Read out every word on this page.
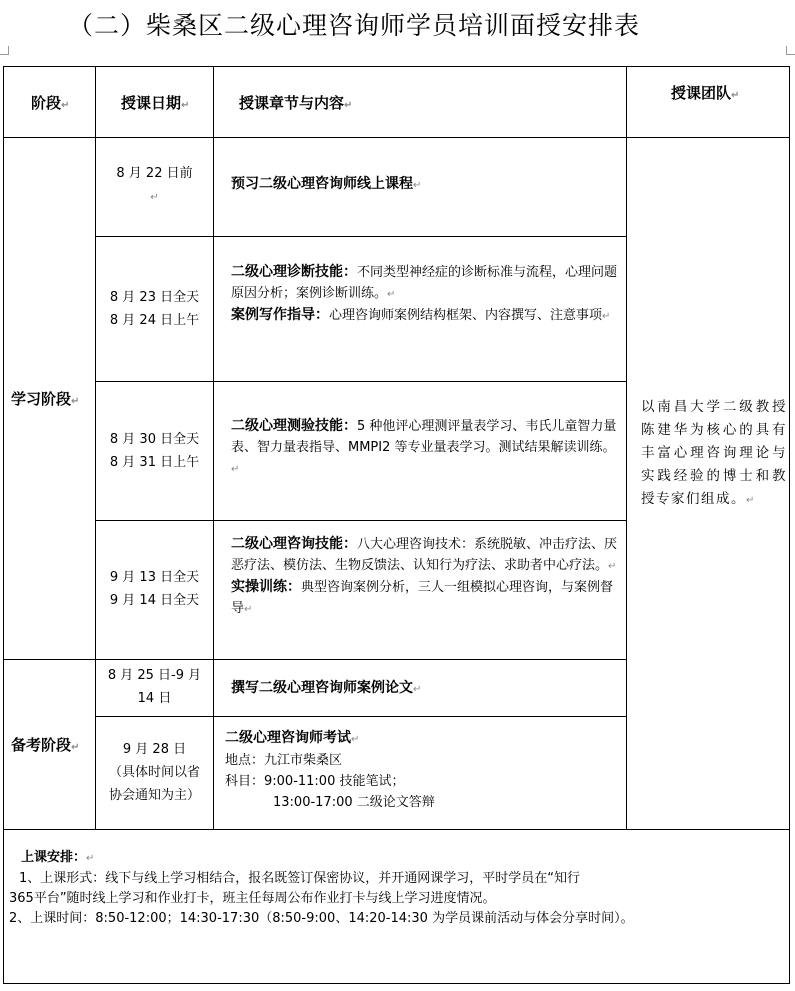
（二）柴桑区二级心理咨询师学员培训面授安排表
阶段↵	授课日期↵	授课章节与内容↵
授课团队↵
学习阶段↵
备考阶段↵
8 月 22 日前
↵
预习二级心理咨询师线上课程↵
8 月 23 日全天
8 月 24 日上午
二级心理诊断技能：不同类型神经症的诊断标准与流程，心理问题原因分析；案例诊断训练。↵
案例写作指导：心理咨询师案例结构框架、内容撰写、注意事项↵
8 月 30 日全天
8 月 31 日上午
二级心理测验技能：5 种他评心理测评量表学习、韦氏儿童智力量表、智力量表指导、MMPI2 等专业量表学习。测试结果解读训练。↵
9 月 13 日全天
9 月 14 日全天
二级心理咨询技能：八大心理咨询技术：系统脱敏、冲击疗法、厌恶疗法、模仿法、生物反馈法、认知行为疗法、求助者中心疗法。↵
实操训练：典型咨询案例分析，三人一组模拟心理咨询，与案例督导↵
8 月 25 日-9 月
14 日
撰写二级心理咨询师案例论文↵
9 月 28 日
（具体时间以省
协会通知为主）
二级心理咨询师考试↵
地点：九江市柴桑区
科目：9:00-11:00 技能笔试；
13:00-17:00 二级论文答辩
以南昌大学二级教授陈建华为核心的具有丰富心理咨询理论与实践经验的博士和教授专家们组成。↵
上课安排：↵
1、上课形式：线下与线上学习相结合，报名既签订保密协议，并开通网课学习，平时学员在“知行
365平台”随时线上学习和作业打卡，班主任每周公布作业打卡与线上学习进度情况。
2、上课时间：8:50-12:00；14:30-17:30（8:50-9:00、14:20-14:30 为学员课前活动与体会分享时间）。
